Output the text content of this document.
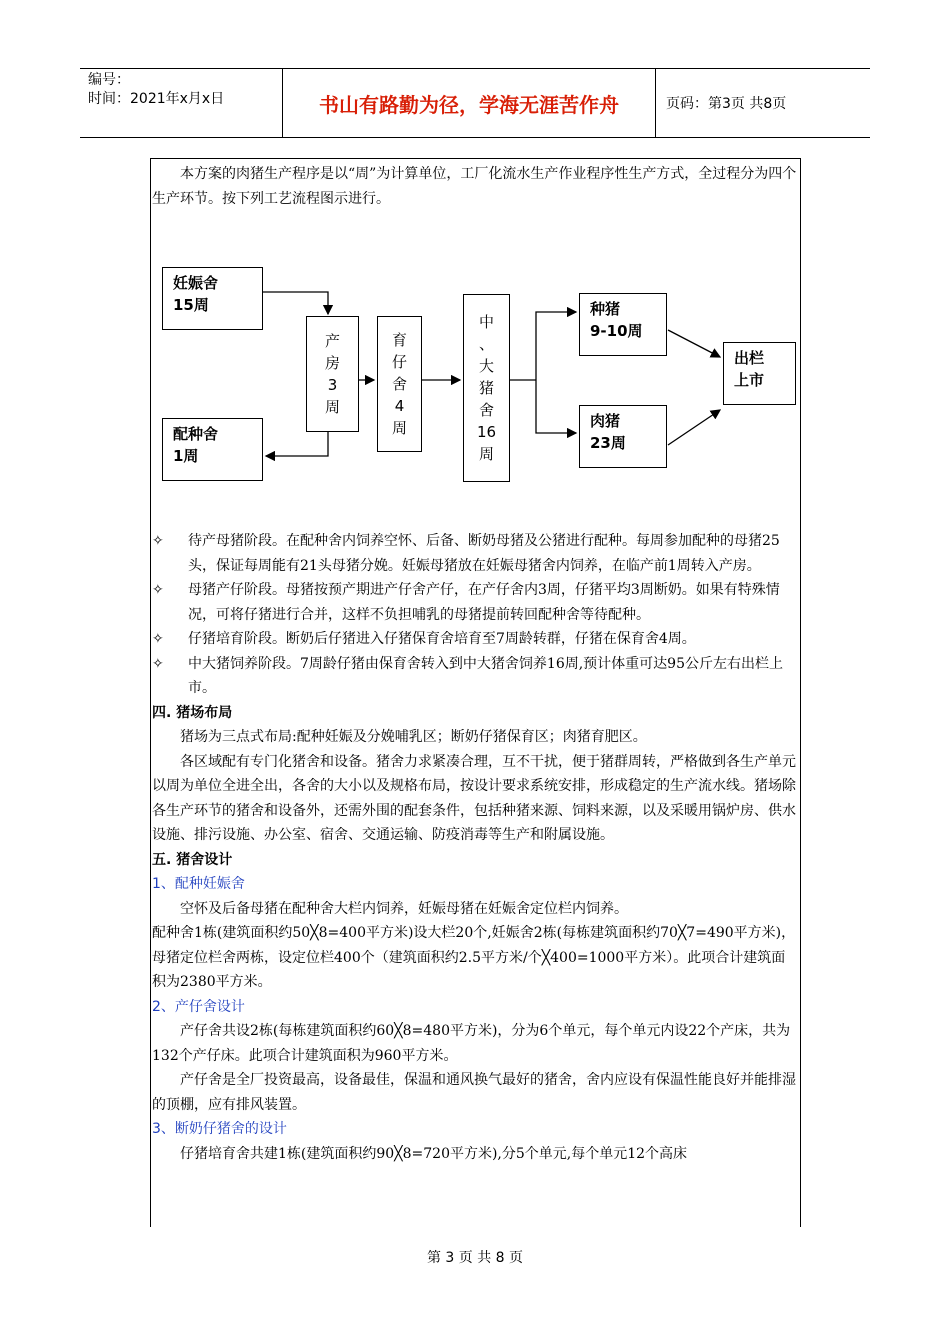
编号：
时间：2021年x月x日	书山有路勤为径，学海无涯苦作舟	页码：第3页 共8页

本方案的肉猪生产程序是以“周”为计算单位，工厂化流水生产作业程序性生产方式，全过程分为四个生产环节。按下列工艺流程图示进行。

妊娠舍
15周
配种舍
1周
产
房
3
周
育
仔
舍
4
周
中
、
大
猪
舍
16
周
种猪
9-10周
肉猪
23周
出栏
上市
✧	待产母猪阶段。在配种舍内饲养空怀、后备、断奶母猪及公猪进行配种。每周参加配种的母猪25头，保证每周能有21头母猪分娩。妊娠母猪放在妊娠母猪舍内饲养，在临产前1周转入产房。
✧	母猪产仔阶段。母猪按预产期进产仔舍产仔，在产仔舍内3周，仔猪平均3周断奶。如果有特殊情况，可将仔猪进行合并，这样不负担哺乳的母猪提前转回配种舍等待配种。
✧	仔猪培育阶段。断奶后仔猪进入仔猪保育舍培育至7周龄转群，仔猪在保育舍4周。
✧	中大猪饲养阶段。7周龄仔猪由保育舍转入到中大猪舍饲养16周,预计体重可达95公斤左右出栏上市。

四. 猪场布局

猪场为三点式布局:配种妊娠及分娩哺乳区；断奶仔猪保育区；肉猪育肥区。

各区域配有专门化猪舍和设备。猪舍力求紧凑合理，互不干扰，便于猪群周转，严格做到各生产单元以周为单位全进全出，各舍的大小以及规格布局，按设计要求系统安排，形成稳定的生产流水线。猪场除各生产环节的猪舍和设备外，还需外围的配套条件，包括种猪来源、饲料来源，以及采暖用锅炉房、供水设施、排污设施、办公室、宿舍、交通运输、防疫消毒等生产和附属设施。

五. 猪舍设计

1、配种妊娠舍

空怀及后备母猪在配种舍大栏内饲养，妊娠母猪在妊娠舍定位栏内饲养。

配种舍1栋(建筑面积约50╳8=400平方米)设大栏20个,妊娠舍2栋(每栋建筑面积约70╳7=490平方米)，母猪定位栏舍两栋，设定位栏400个（建筑面积约2.5平方米/个╳400=1000平方米）。此项合计建筑面积为2380平方米。

2、产仔舍设计

产仔舍共设2栋(每栋建筑面积约60╳8=480平方米)，分为6个单元，每个单元内设22个产床，共为132个产仔床。此项合计建筑面积为960平方米。

产仔舍是全厂投资最高，设备最佳，保温和通风换气最好的猪舍，舍内应设有保温性能良好并能排湿的顶棚，应有排风装置。

3、断奶仔猪舍的设计

仔猪培育舍共建1栋(建筑面积约90╳8=720平方米),分5个单元,每个单元12个高床

第 3 页 共 8 页
